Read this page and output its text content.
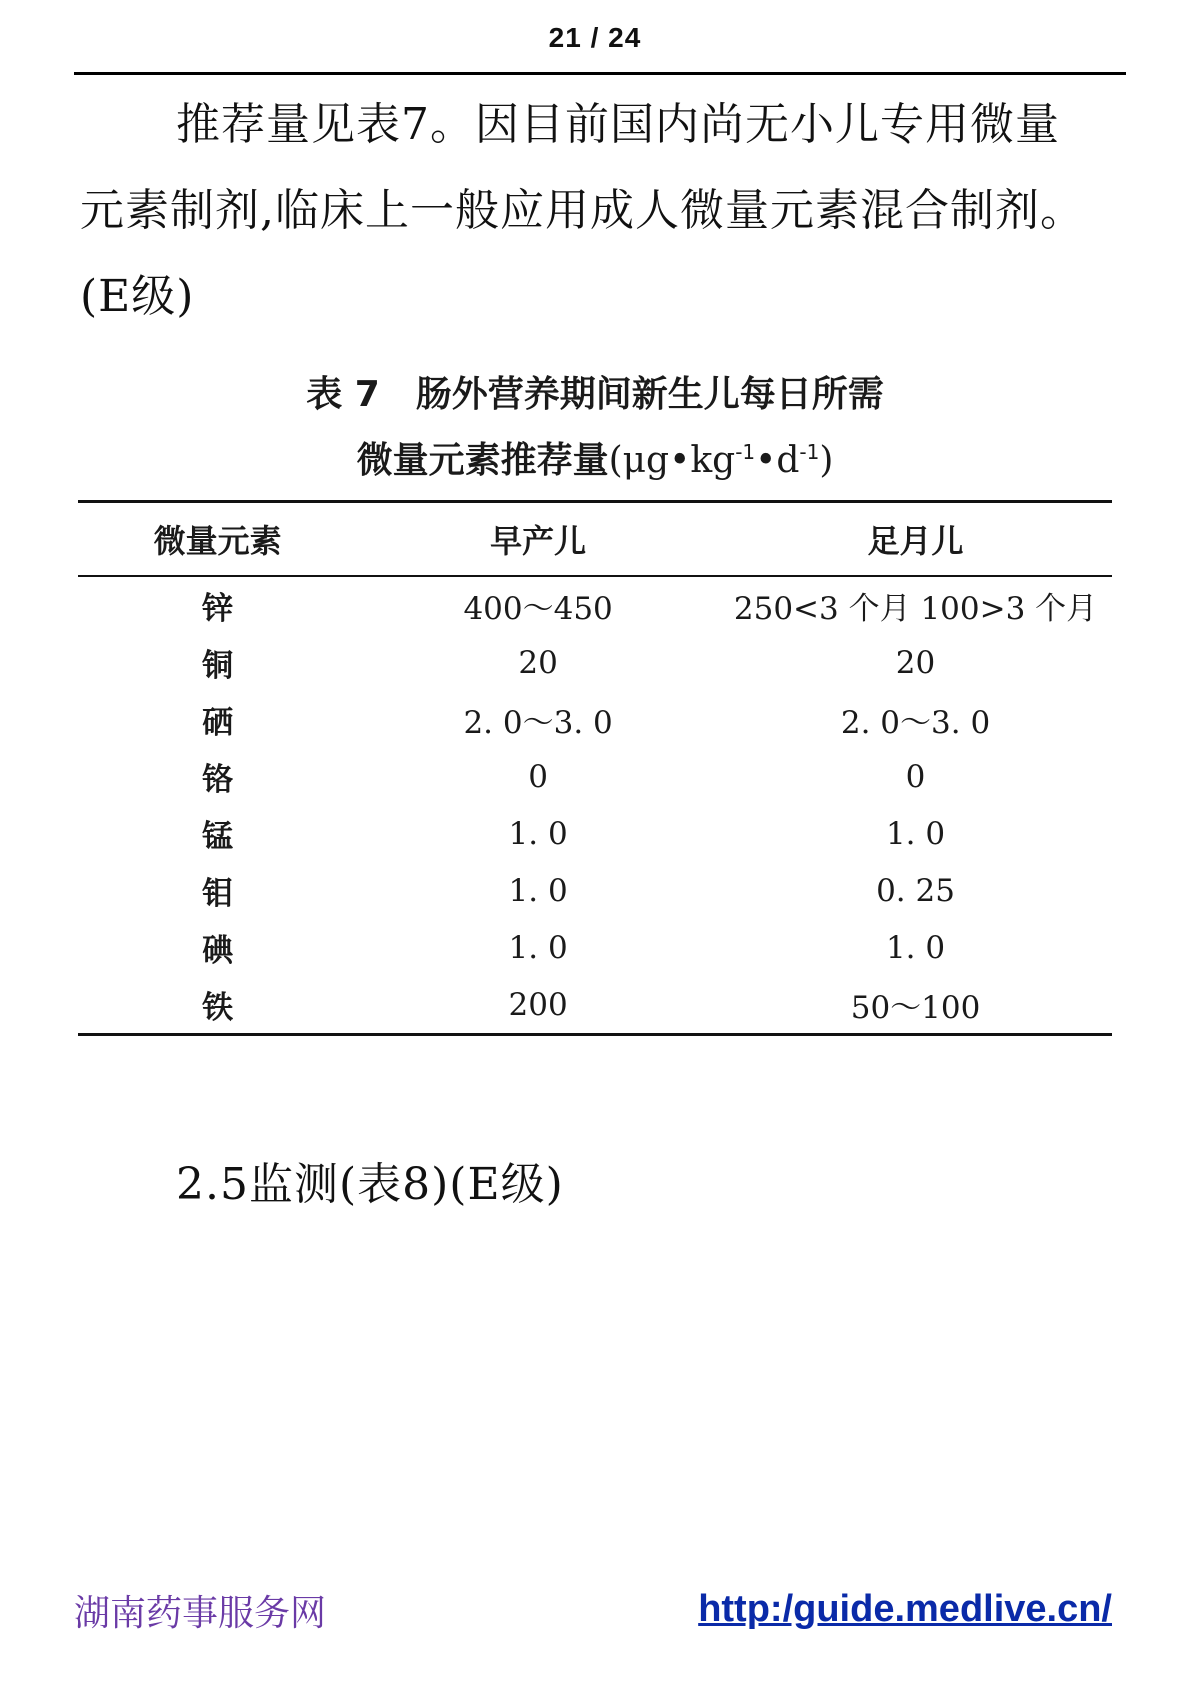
21 / 24
推荐量见表7。因目前国内尚无小儿专用微量
元素制剂,临床上一般应用成人微量元素混合制剂。
(E级)
表 7　肠外营养期间新生儿每日所需
微量元素推荐量$(\mu g•kg^{-1}•d^{-1})$
微量元素	早产儿	足月儿
锌	400～450	250<3 个月 100>3 个月
铜	20	20
硒	2. 0～3. 0	2. 0～3. 0
铬	0	0
锰	1. 0	1. 0
钼	1. 0	0. 25
碘	1. 0	1. 0
铁	200	50～100
2.5监测(表8)(E级)
湖南药事服务网	http:/guide.medlive.cn/
